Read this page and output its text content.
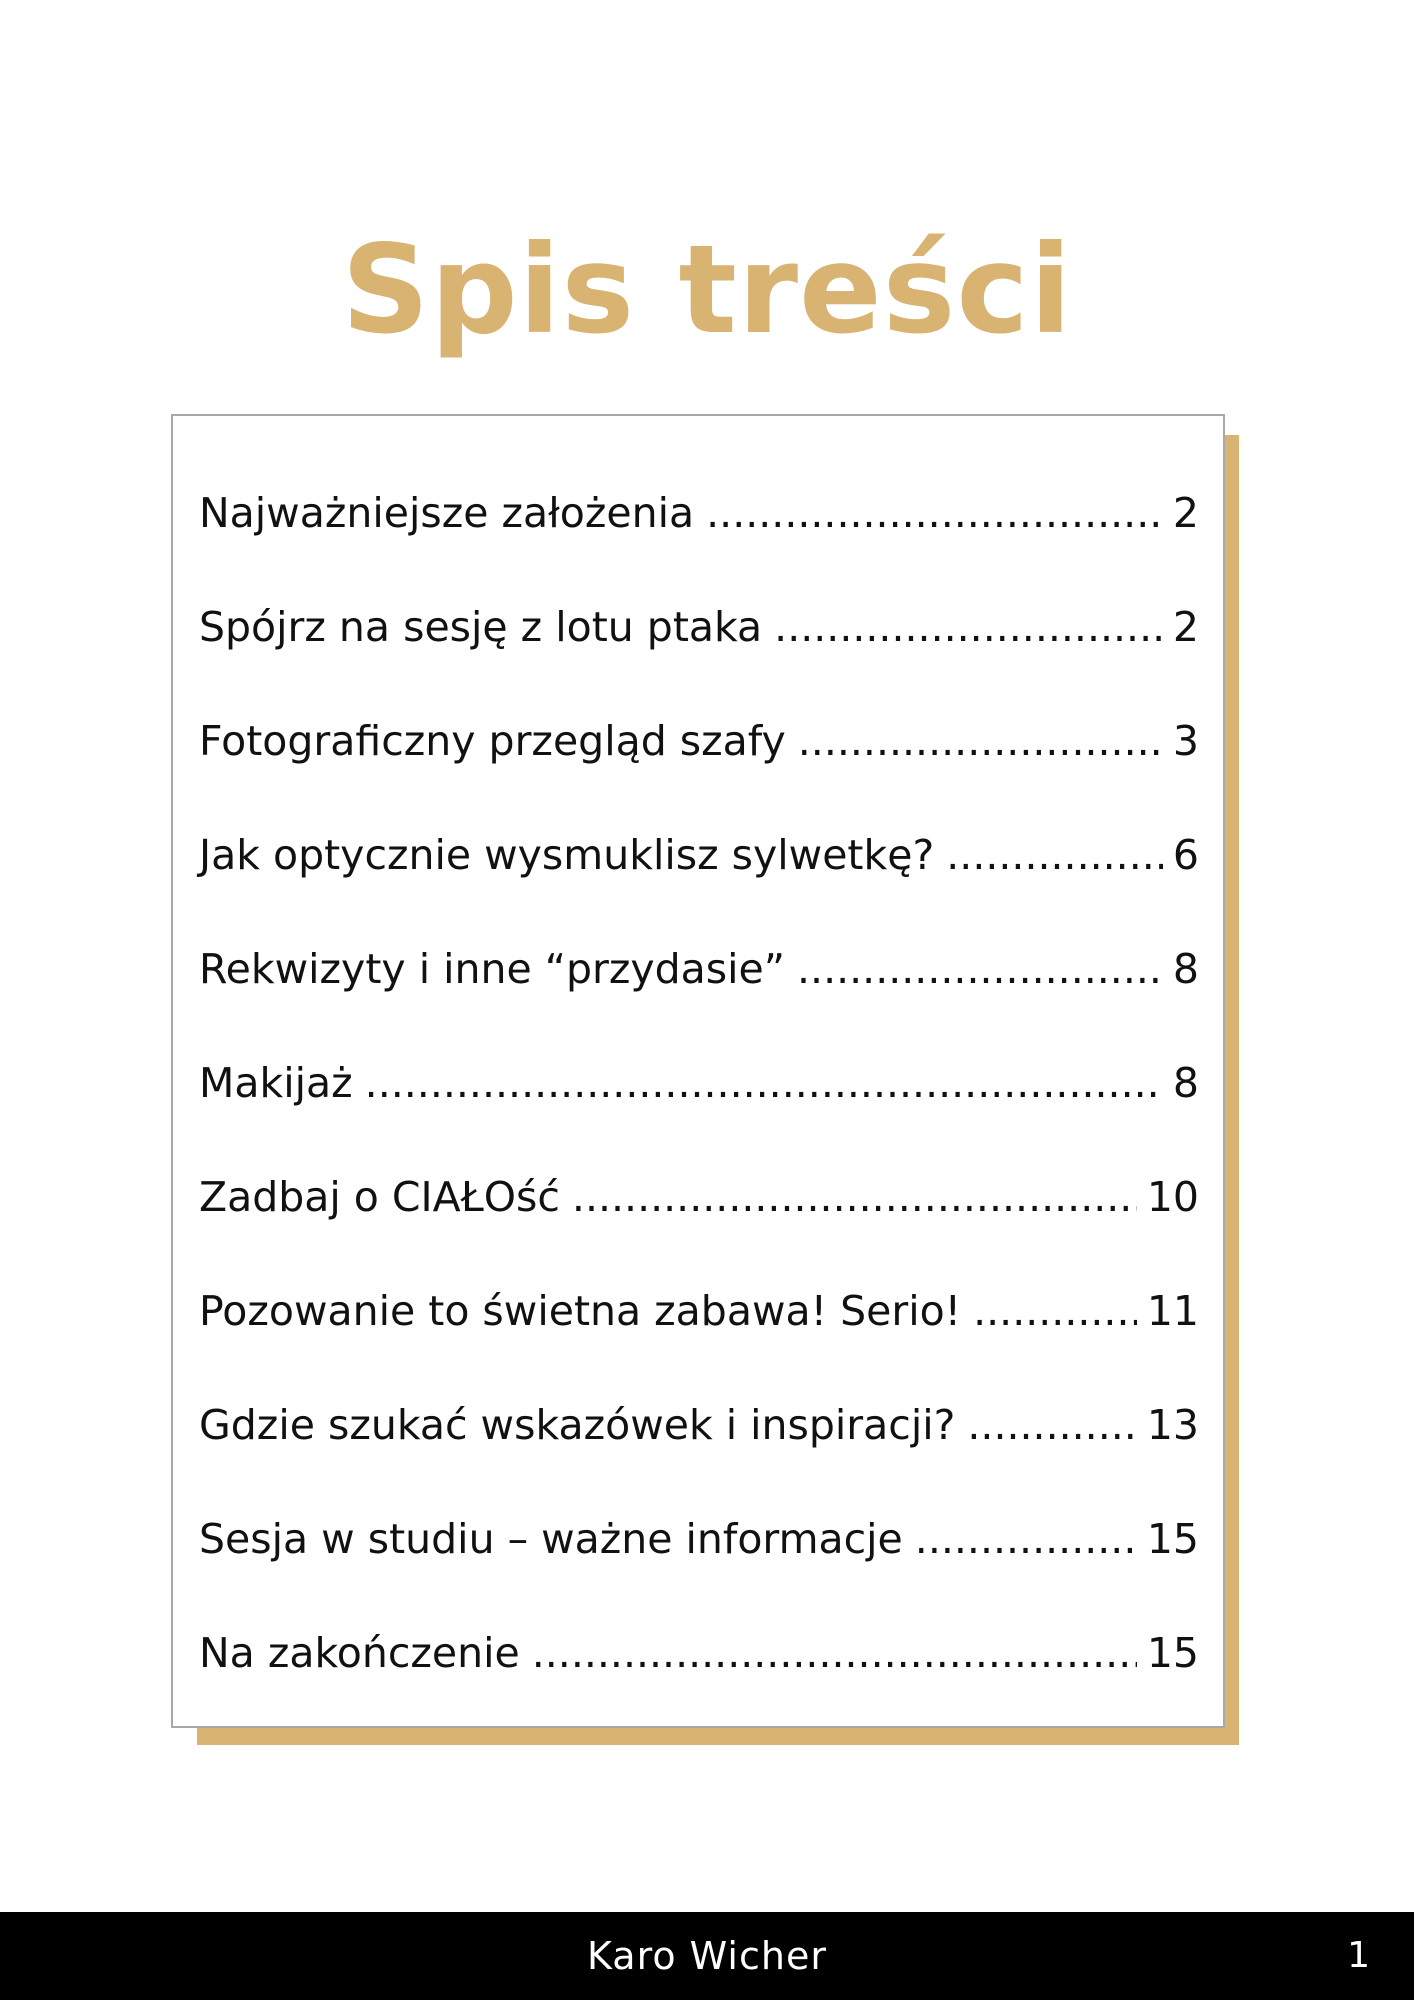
Spis treści
Najważniejsze założenia .....	2
Spójrz na sesję z lotu ptaka .....	2
Fotograficzny przegląd szafy .....	3
Jak optycznie wysmuklisz sylwetkę? .....	6
Rekwizyty i inne “przydasie” .....	8
Makijaż .....	8
Zadbaj o CIAŁOść .....	10
Pozowanie to świetna zabawa! Serio! .....	11
Gdzie szukać wskazówek i inspiracji? .....	13
Sesja w studiu – ważne informacje .....	15
Na zakończenie .....	15
Karo Wicher	1
